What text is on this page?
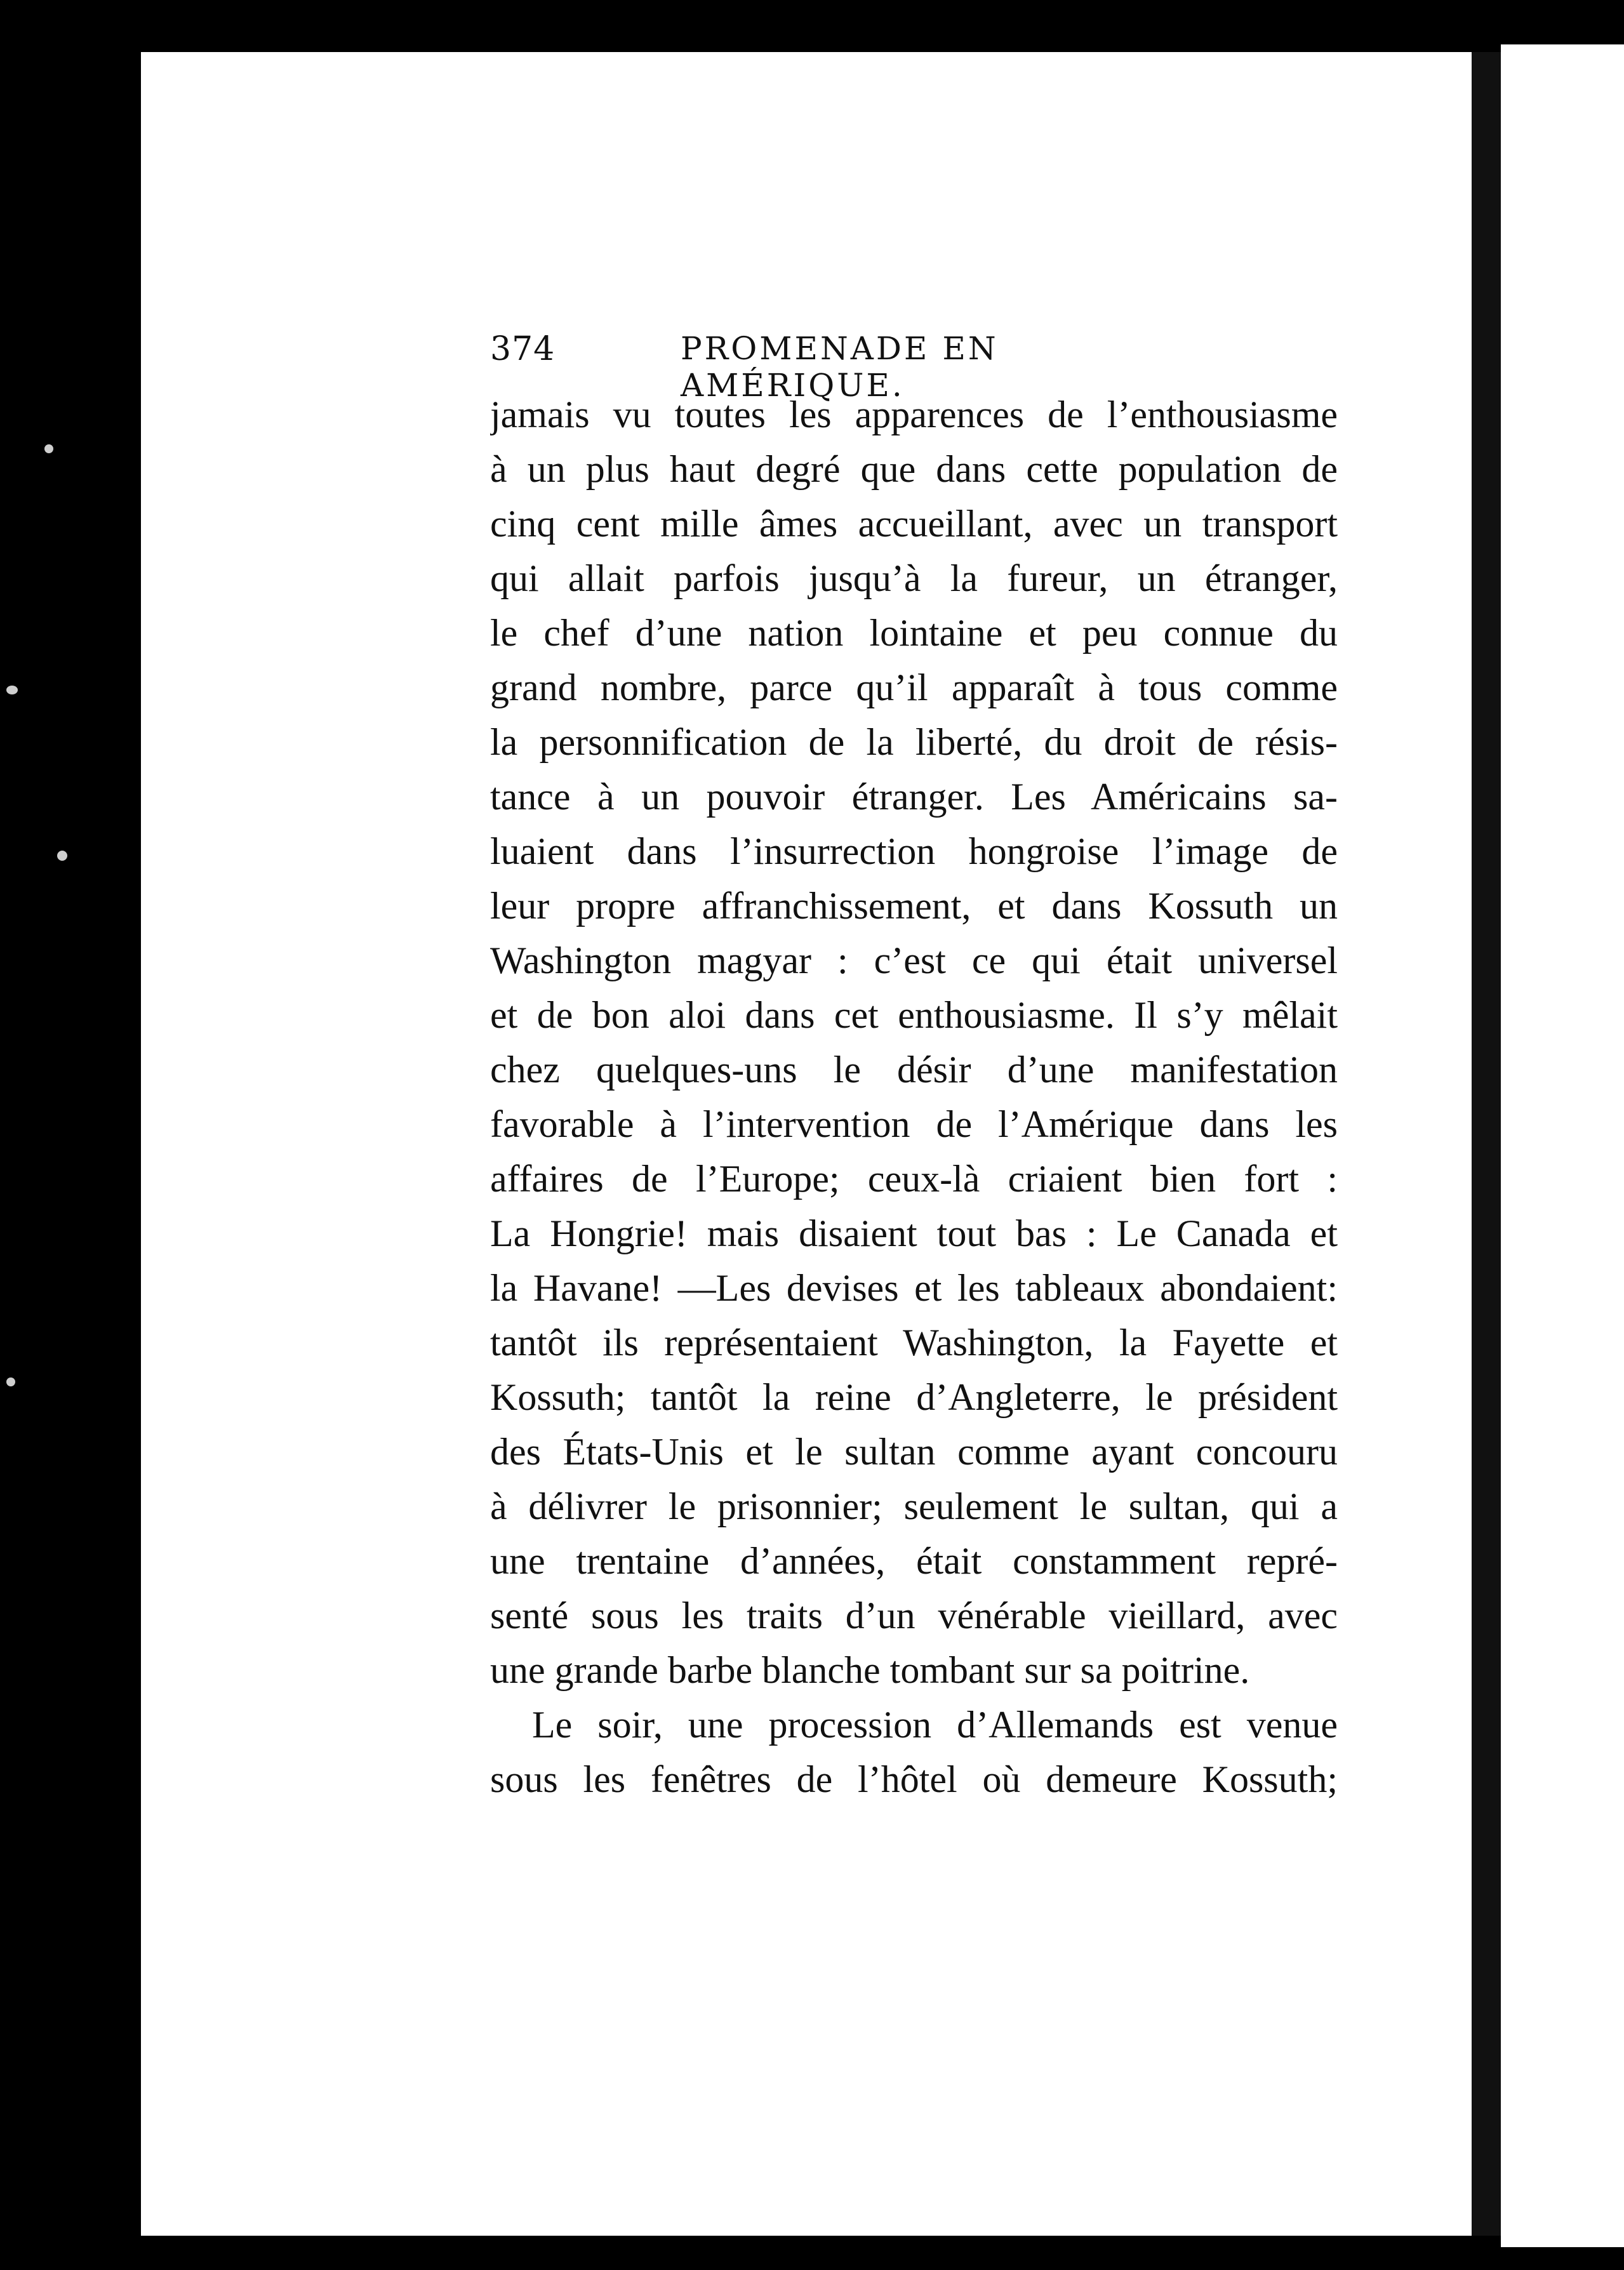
374	PROMENADE EN AMÉRIQUE.
jamais vu toutes les apparences de l’enthousiasme
à un plus haut degré que dans cette population de
cinq cent mille âmes accueillant, avec un transport
qui allait parfois jusqu’à la fureur, un étranger,
le chef d’une nation lointaine et peu connue du
grand nombre, parce qu’il apparaît à tous comme
la personnification de la liberté, du droit de résis-
tance à un pouvoir étranger. Les Américains sa-
luaient dans l’insurrection hongroise l’image de
leur propre affranchissement, et dans Kossuth un
Washington magyar : c’est ce qui était universel
et de bon aloi dans cet enthousiasme. Il s’y mêlait
chez quelques-uns le désir d’une manifestation
favorable à l’intervention de l’Amérique dans les
affaires de l’Europe; ceux-là criaient bien fort :
La Hongrie! mais disaient tout bas : Le Canada et
la Havane! —Les devises et les tableaux abondaient:
tantôt ils représentaient Washington, la Fayette et
Kossuth; tantôt la reine d’Angleterre, le président
des États-Unis et le sultan comme ayant concouru
à délivrer le prisonnier; seulement le sultan, qui a
une trentaine d’années, était constamment repré-
senté sous les traits d’un vénérable vieillard, avec
une grande barbe blanche tombant sur sa poitrine.
Le soir, une procession d’Allemands est venue
sous les fenêtres de l’hôtel où demeure Kossuth;
